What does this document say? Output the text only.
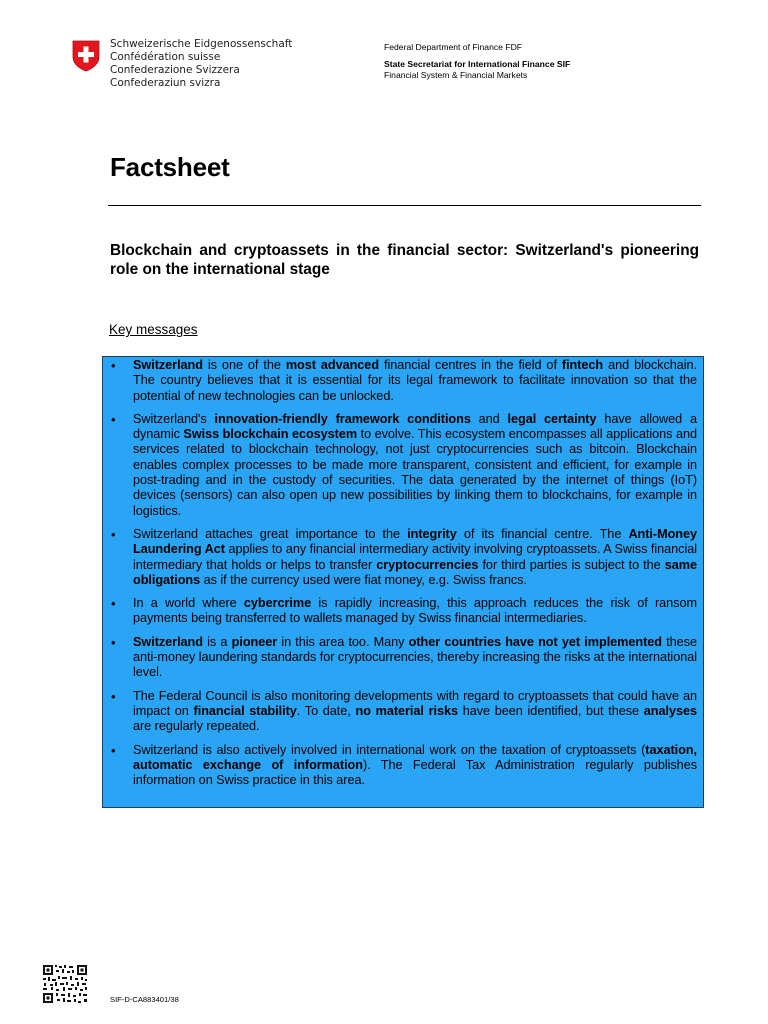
Schweizerische Eidgenossenschaft
Confédération suisse
Confederazione Svizzera
Confederaziun svizra
Federal Department of Finance FDF
State Secretariat for International Finance SIF
Financial System & Financial Markets
Factsheet
Blockchain and cryptoassets in the financial sector: Switzerland's pioneering role on the international stage
Key messages
• Switzerland is one of the most advanced financial centres in the field of fintech and blockchain. The country believes that it is essential for its legal framework to facilitate innovation so that the potential of new technologies can be unlocked.
• Switzerland's innovation-friendly framework conditions and legal certainty have allowed a dynamic Swiss blockchain ecosystem to evolve. This ecosystem encompasses all applications and services related to blockchain technology, not just cryptocurrencies such as bitcoin. Blockchain enables complex processes to be made more transparent, consistent and efficient, for example in post-trading and in the custody of securities. The data generated by the internet of things (IoT) devices (sensors) can also open up new possibilities by linking them to blockchains, for example in logistics.
• Switzerland attaches great importance to the integrity of its financial centre. The Anti-Money Laundering Act applies to any financial intermediary activity involving cryptoassets. A Swiss financial intermediary that holds or helps to transfer cryptocurrencies for third parties is subject to the same obligations as if the currency used were fiat money, e.g. Swiss francs.
• In a world where cybercrime is rapidly increasing, this approach reduces the risk of ransom payments being transferred to wallets managed by Swiss financial intermediaries.
• Switzerland is a pioneer in this area too. Many other countries have not yet implemented these anti-money laundering standards for cryptocurrencies, thereby increasing the risks at the international level.
• The Federal Council is also monitoring developments with regard to cryptoassets that could have an impact on financial stability. To date, no material risks have been identified, but these analyses are regularly repeated.
• Switzerland is also actively involved in international work on the taxation of cryptoassets (taxation, automatic exchange of information). The Federal Tax Administration regularly publishes information on Swiss practice in this area.
SIF-D-CA883401/38
